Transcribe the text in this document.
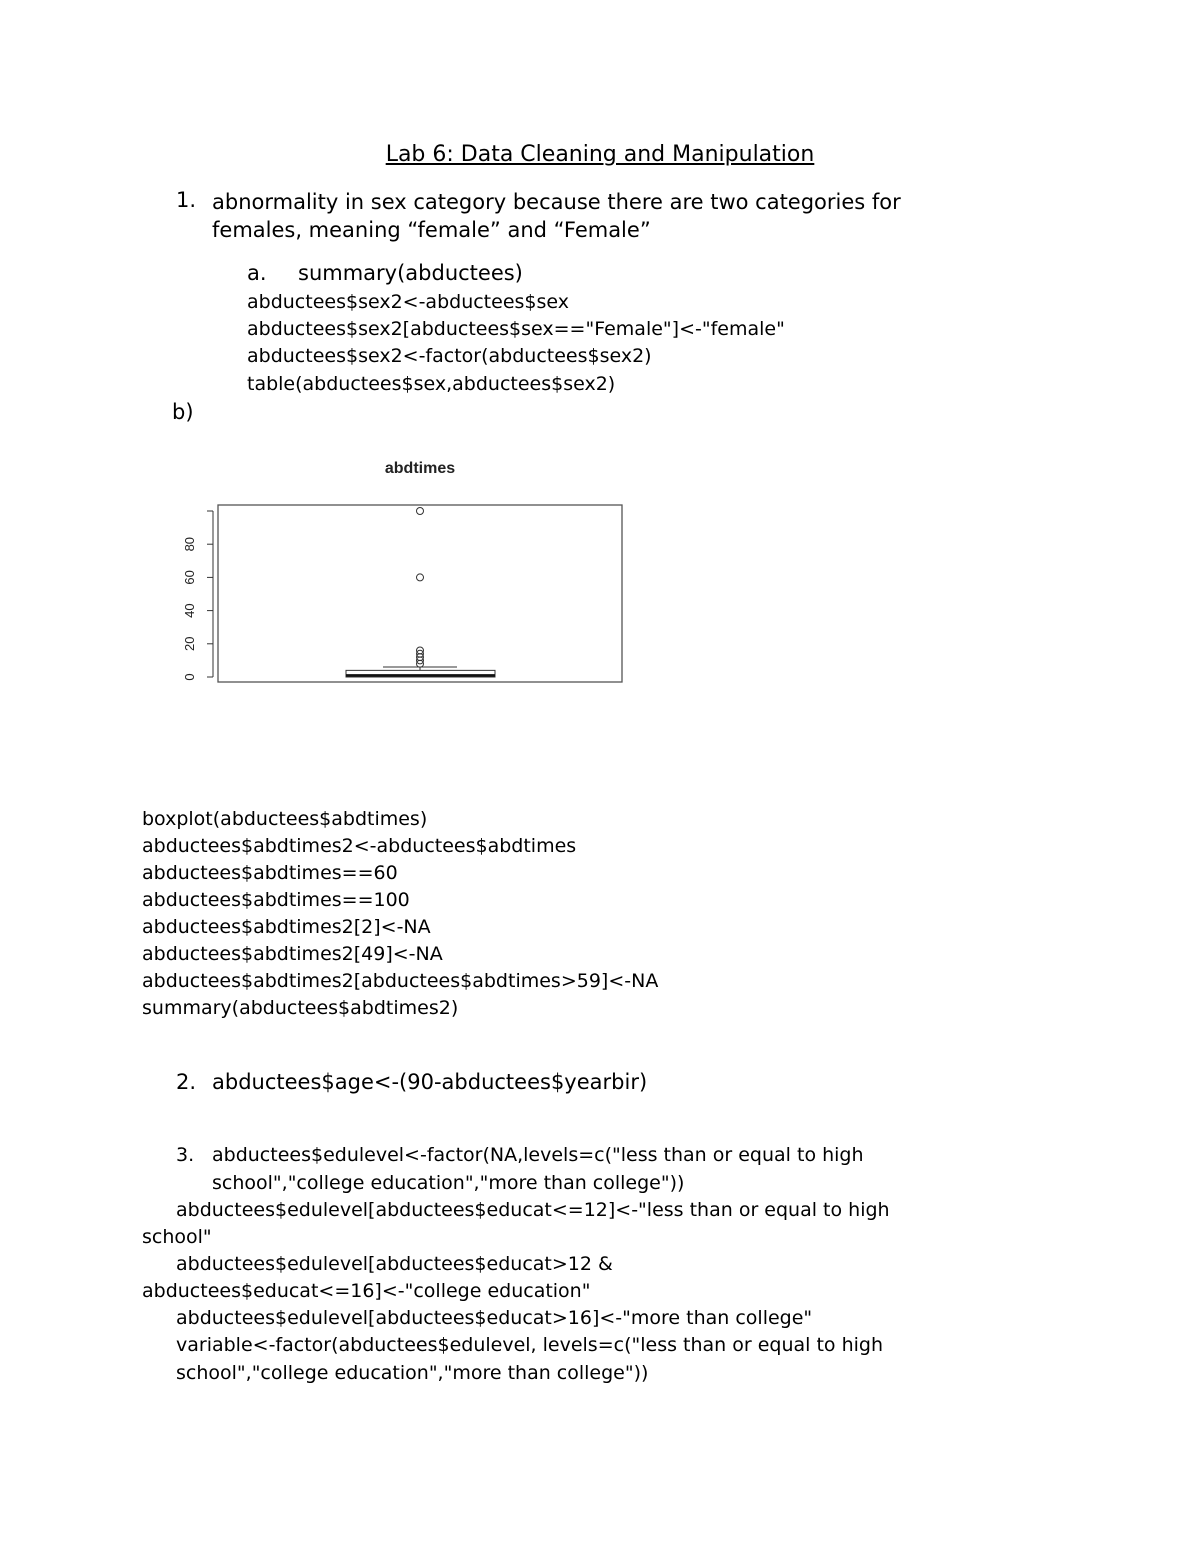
Lab 6: Data Cleaning and Manipulation
1. abnormality in sex category because there are two categories for
females, meaning “female” and “Female”
a. summary(abductees)
abductees$sex2<-abductees$sex
abductees$sex2[abductees$sex=="Female"]<-"female"
abductees$sex2<-factor(abductees$sex2)
table(abductees$sex,abductees$sex2)
b)
abdtimes
0
20
40
60
80
boxplot(abductees$abdtimes)
abductees$abdtimes2<-abductees$abdtimes
abductees$abdtimes==60
abductees$abdtimes==100
abductees$abdtimes2[2]<-NA
abductees$abdtimes2[49]<-NA
abductees$abdtimes2[abductees$abdtimes>59]<-NA
summary(abductees$abdtimes2)
2. abductees$age<-(90-abductees$yearbir)
3. abductees$edulevel<-factor(NA,levels=c("less than or equal to high
school","college education","more than college"))
abductees$edulevel[abductees$educat<=12]<-"less than or equal to high
school"
abductees$edulevel[abductees$educat>12 &
abductees$educat<=16]<-"college education"
abductees$edulevel[abductees$educat>16]<-"more than college"
variable<-factor(abductees$edulevel, levels=c("less than or equal to high
school","college education","more than college"))
